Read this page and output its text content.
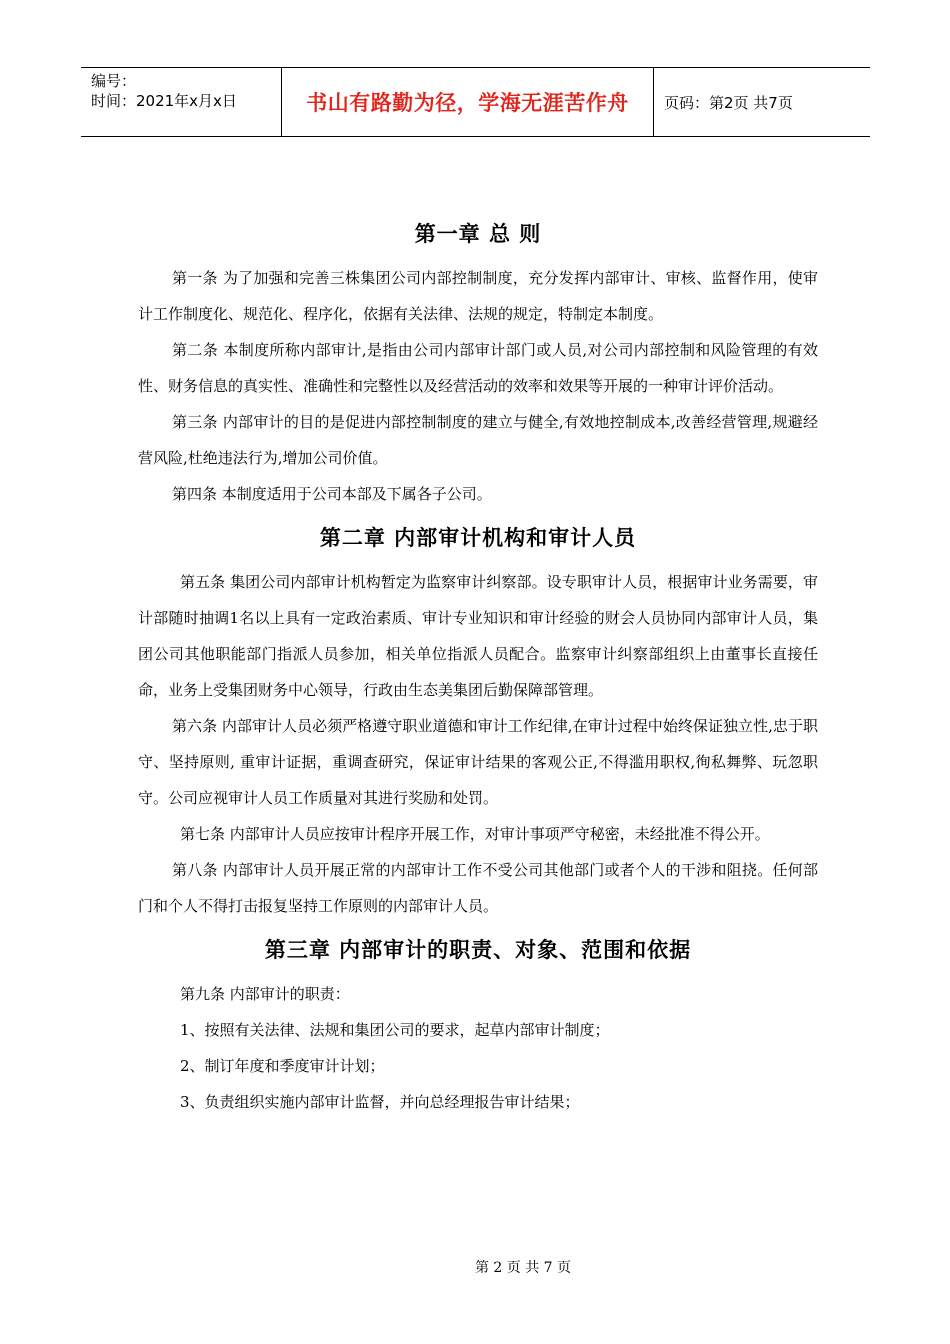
编号：
时间：2021年x月x日	书山有路勤为径，学海无涯苦作舟 页码：第2页 共7页
第一章 总 则

第一条 为了加强和完善三株集团公司内部控制制度，充分发挥内部审计、审核、监督作用，使审计工作制度化、规范化、程序化，依据有关法律、法规的规定，特制定本制度。

第二条 本制度所称内部审计,是指由公司内部审计部门或人员,对公司内部控制和风险管理的有效性、财务信息的真实性、准确性和完整性以及经营活动的效率和效果等开展的一种审计评价活动。

第三条 内部审计的目的是促进内部控制制度的建立与健全,有效地控制成本,改善经营管理,规避经营风险,杜绝违法行为,增加公司价值。

第四条 本制度适用于公司本部及下属各子公司。

第二章 内部审计机构和审计人员

第五条 集团公司内部审计机构暂定为监察审计纠察部。设专职审计人员，根据审计业务需要，审计部随时抽调1名以上具有一定政治素质、审计专业知识和审计经验的财会人员协同内部审计人员，集团公司其他职能部门指派人员参加，相关单位指派人员配合。监察审计纠察部组织上由董事长直接任命，业务上受集团财务中心领导，行政由生态美集团后勤保障部管理。

第六条 内部审计人员必须严格遵守职业道德和审计工作纪律,在审计过程中始终保证独立性,忠于职守、坚持原则, 重审计证据，重调查研究，保证审计结果的客观公正,不得滥用职权,徇私舞弊、玩忽职守。公司应视审计人员工作质量对其进行奖励和处罚。

第七条 内部审计人员应按审计程序开展工作，对审计事项严守秘密，未经批准不得公开。

第八条 内部审计人员开展正常的内部审计工作不受公司其他部门或者个人的干涉和阻挠。任何部门和个人不得打击报复坚持工作原则的内部审计人员。

第三章 内部审计的职责、对象、范围和依据

第九条 内部审计的职责：

1、按照有关法律、法规和集团公司的要求，起草内部审计制度；

2、制订年度和季度审计计划；

3、负责组织实施内部审计监督，并向总经理报告审计结果；

第 2 页 共 7 页
